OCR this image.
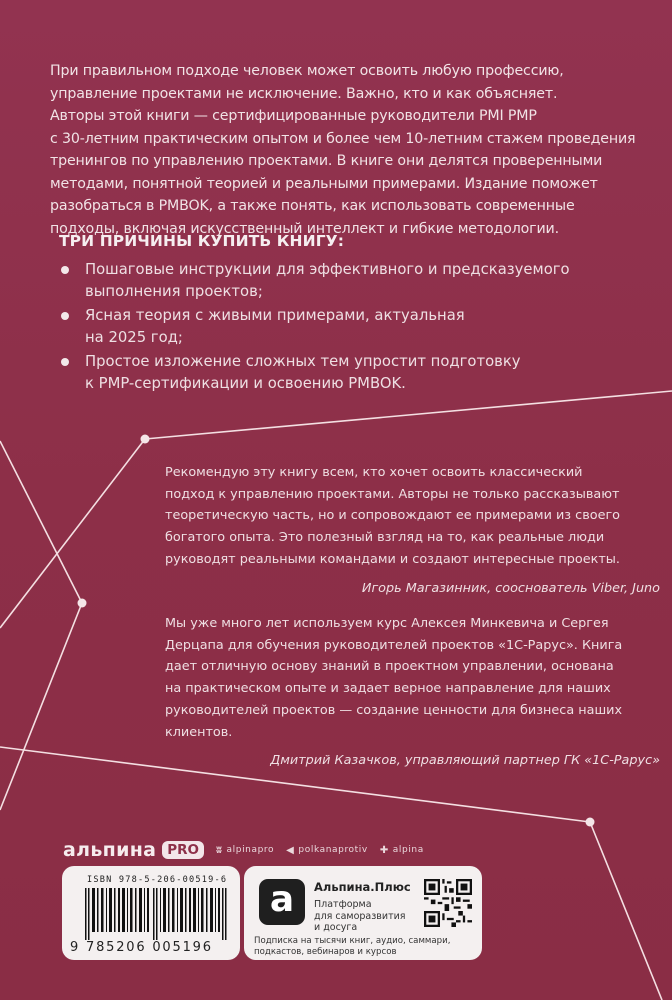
При правильном подходе человек может освоить любую профессию,
управление проектами не исключение. Важно, кто и как объясняет.
Авторы этой книги — сертифицированные руководители PMI PMP
с 30-летним практическим опытом и более чем 10-летним стажем проведения
тренингов по управлению проектами. В книге они делятся проверенными
методами, понятной теорией и реальными примерами. Издание поможет
разобраться в PMBOK, а также понять, как использовать современные
подходы, включая искусственный интеллект и гибкие методологии.
ТРИ ПРИЧИНЫ КУПИТЬ КНИГУ:
Пошаговые инструкции для эффективного и предсказуемого
выполнения проектов;
Ясная теория с живыми примерами, актуальная
на 2025 год;
Простое изложение сложных тем упростит подготовку
к PMP-сертификации и освоению PMBOK.
Рекомендую эту книгу всем, кто хочет освоить классический
подход к управлению проектами. Авторы не только рассказывают
теоретическую часть, но и сопровождают ее примерами из своего
богатого опыта. Это полезный взгляд на то, как реальные люди
руководят реальными командами и создают интересные проекты.
Игорь Магазинник, сооснователь Viber, Juno
Мы уже много лет используем курс Алексея Минкевича и Сергея
Дерцапа для обучения руководителей проектов «1С-Рарус». Книга
дает отличную основу знаний в проектном управлении, основана
на практическом опыте и задает верное направление для наших
руководителей проектов — создание ценности для бизнеса наших
клиентов.
Дмитрий Казачков, управляющий партнер ГК «1С-Рарус»
альпина PRO	ʬ alpinapro ◀ polkanaprotiv ✚ alpina
ISBN 978-5-206-00519-6
9 785206 005196
a	Альпина.Плюс
Платформа
для саморазвития
и досуга
Подписка на тысячи книг, аудио, саммари,
подкастов, вебинаров и курсов
